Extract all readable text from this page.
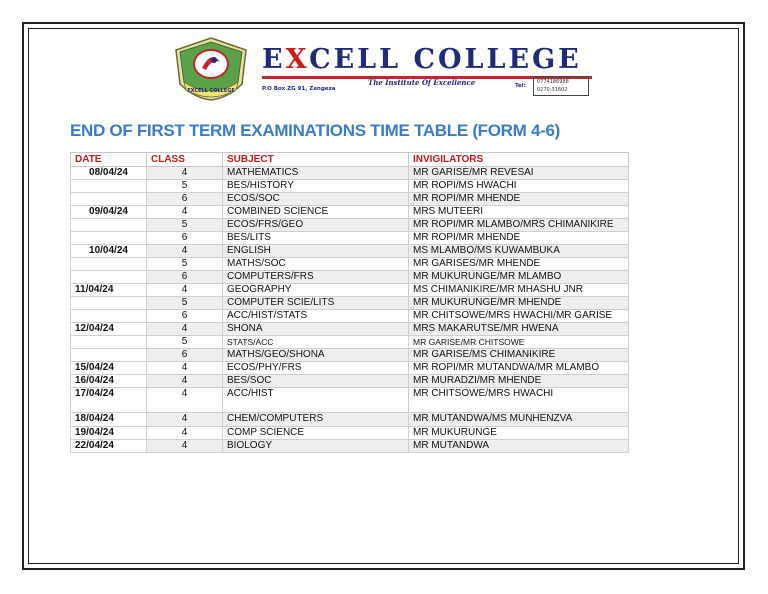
EXCELL COLLEGE
EXCELL COLLEGE
P.O Box ZG 91, Zengeza
The Institute Of Excellence	Tel:
0774186988
0270-31602
END OF FIRST TERM EXAMINATIONS TIME TABLE (FORM 4-6)
DATE	CLASS	SUBJECT	INVIGILATORS
08/04/24	4	MATHEMATICS	MR GARISE/MR REVESAI
	5	BES/HISTORY	MR ROPI/MS HWACHI
	6	ECOS/SOC	MR ROPI/MR MHENDE
09/04/24	4	COMBINED SCIENCE	MRS MUTEERI
	5	ECOS/FRS/GEO	MR ROPI/MR MLAMBO/MRS CHIMANIKIRE
	6	BES/LITS	MR ROPI/MR MHENDE
10/04/24	4	ENGLISH	MS MLAMBO/MS KUWAMBUKA
	5	MATHS/SOC	MR GARISES/MR MHENDE
	6	COMPUTERS/FRS	MR MUKURUNGE/MR MLAMBO
11/04/24	4	GEOGRAPHY	MS CHIMANIKIRE/MR MHASHU JNR
	5	COMPUTER SCIE/LITS	MR MUKURUNGE/MR MHENDE
	6	ACC/HIST/STATS	MR CHITSOWE/MRS HWACHI/MR GARISE
12/04/24	4	SHONA	MRS MAKARUTSE/MR HWENA
	5	STATS/ACC	MR GARISE/MR CHITSOWE
	6	MATHS/GEO/SHONA	MR GARISE/MS CHIMANIKIRE
15/04/24	4	ECOS/PHY/FRS	MR ROPI/MR MUTANDWA/MR MLAMBO
16/04/24	4	BES/SOC	MR MURADZI/MR MHENDE
17/04/24	4	ACC/HIST	MR CHITSOWE/MRS HWACHI
18/04/24	4	CHEM/COMPUTERS	MR MUTANDWA/MS MUNHENZVA
19/04/24	4	COMP SCIENCE	MR MUKURUNGE
22/04/24	4	BIOLOGY	MR MUTANDWA
